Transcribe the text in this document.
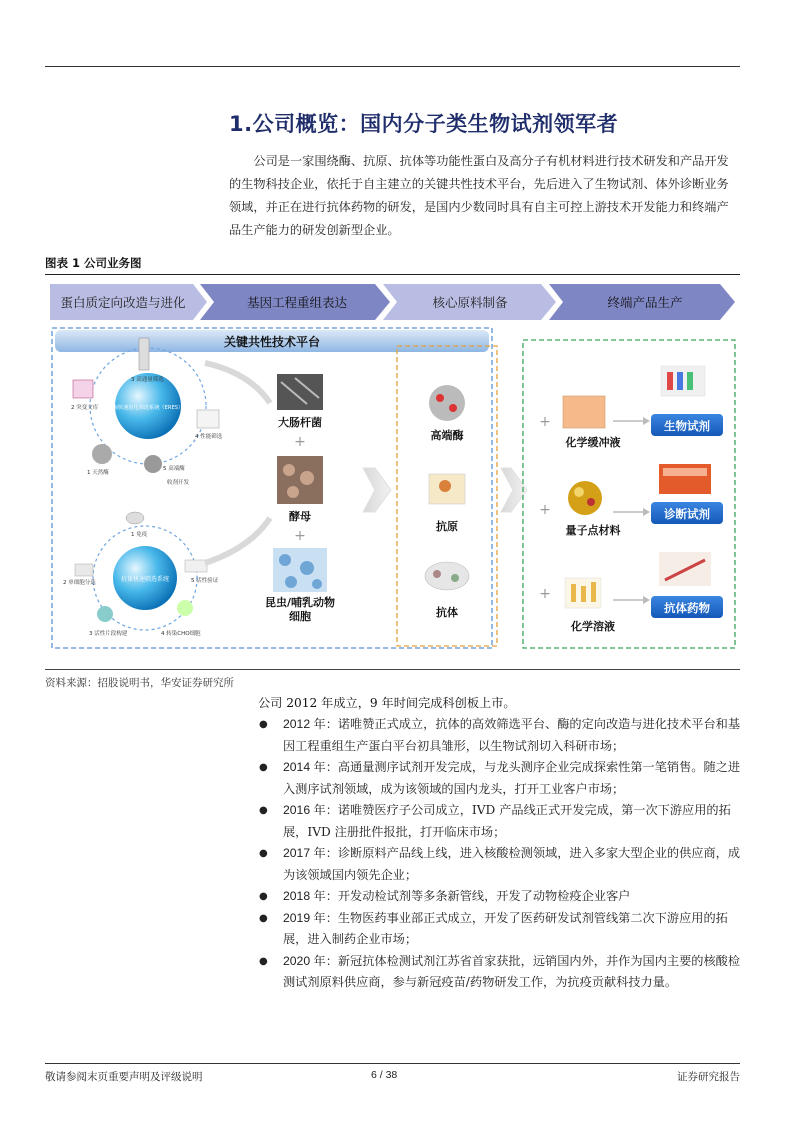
1.公司概览：国内分子类生物试剂领军者
公司是一家围绕酶、抗原、抗体等功能性蛋白及高分子有机材料进行技术研发和产品开发的生物科技企业，依托于自主建立的关键共性技术平台，先后进入了生物试剂、体外诊断业务领域，并正在进行抗体药物的研发，是国内少数同时具有自主可控上游技术开发能力和终端产品生产能力的研发创新型企业。
图表 1 公司业务图
蛋白质定向改造与进化	基因工程重组表达	核心原料制备	终端产品生产
关键共性技术平台
酶快速进化筛选系统（ERES）
3 高通量筛选
2 突变文库
4 性能筛选
1 天然酶
5 高端酶
收剂开发
抗体快速筛选系统
1 免疫
2 单细胞分选	5 活性验证
3 活性片段构建	4 转染CHO细胞
大肠杆菌
+
酵母
+
昆虫/哺乳动物
细胞
高端酶
抗原
抗体
+
化学缓冲液
生物试剂
+
量子点材料
诊断试剂
+
化学溶液
抗体药物
资料来源：招股说明书，华安证券研究所
公司 2012 年成立，9 年时间完成科创板上市。
● 2012 年：诺唯赞正式成立，抗体的高效筛选平台、酶的定向改造与进化技术平台和基因工程重组生产蛋白平台初具雏形，以生物试剂切入科研市场；
● 2014 年：高通量测序试剂开发完成，与龙头测序企业完成探索性第一笔销售。随之进入测序试剂领域，成为该领域的国内龙头，打开工业客户市场；
● 2016 年：诺唯赞医疗子公司成立，IVD 产品线正式开发完成，第一次下游应用的拓展，IVD 注册批件报批，打开临床市场；
● 2017 年：诊断原料产品线上线，进入核酸检测领域，进入多家大型企业的供应商，成为该领域国内领先企业；
● 2018 年：开发动检试剂等多条新管线，开发了动物检疫企业客户
● 2019 年：生物医药事业部正式成立，开发了医药研发试剂管线第二次下游应用的拓展，进入制药企业市场；
● 2020 年：新冠抗体检测试剂江苏省首家获批，远销国内外，并作为国内主要的核酸检测试剂原料供应商，参与新冠疫苗/药物研发工作，为抗疫贡献科技力量。
敬请参阅末页重要声明及评级说明	6 / 38	证券研究报告
